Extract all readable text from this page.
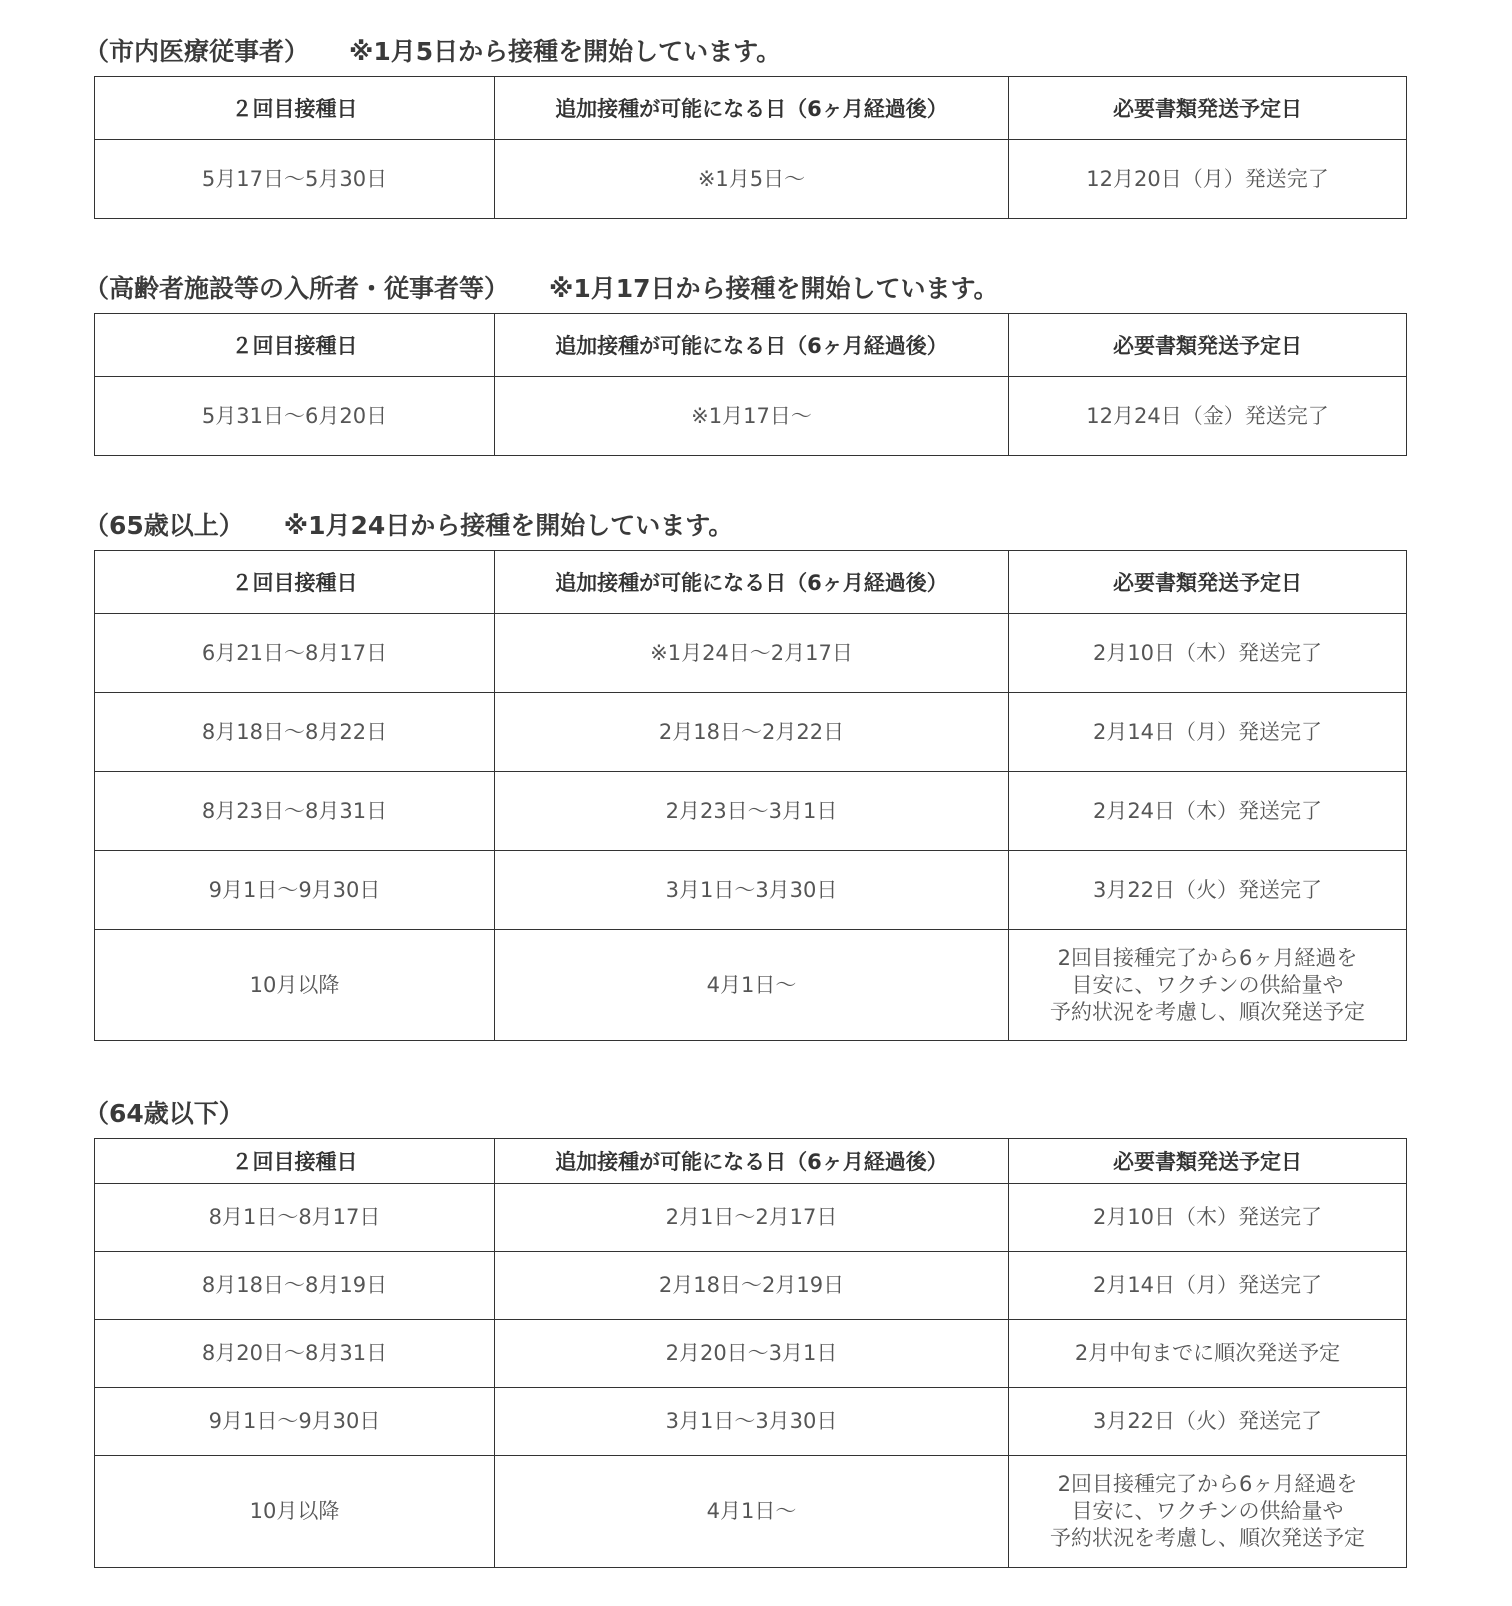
（市内医療従事者） ※1月5日から接種を開始しています。
２回目接種日	追加接種が可能になる日（6ヶ月経過後）	必要書類発送予定日
5月17日～5月30日	※1月5日～	12月20日（月）発送完了
（高齢者施設等の入所者・従事者等） ※1月17日から接種を開始しています。
２回目接種日	追加接種が可能になる日（6ヶ月経過後）	必要書類発送予定日
5月31日～6月20日	※1月17日～	12月24日（金）発送完了
（65歳以上） ※1月24日から接種を開始しています。
２回目接種日	追加接種が可能になる日（6ヶ月経過後）	必要書類発送予定日
6月21日～8月17日	※1月24日～2月17日	2月10日（木）発送完了
8月18日～8月22日	2月18日～2月22日	2月14日（月）発送完了
8月23日～8月31日	2月23日～3月1日	2月24日（木）発送完了
9月1日～9月30日	3月1日～3月30日	3月22日（火）発送完了
10月以降	4月1日～	2回目接種完了から6ヶ月経過を
目安に、ワクチンの供給量や
予約状況を考慮し、順次発送予定
（64歳以下）
２回目接種日	追加接種が可能になる日（6ヶ月経過後）	必要書類発送予定日
8月1日～8月17日	2月1日～2月17日	2月10日（木）発送完了
8月18日～8月19日	2月18日～2月19日	2月14日（月）発送完了
8月20日～8月31日	2月20日～3月1日	2月中旬までに順次発送予定
9月1日～9月30日	3月1日～3月30日	3月22日（火）発送完了
10月以降	4月1日～	2回目接種完了から6ヶ月経過を
目安に、ワクチンの供給量や
予約状況を考慮し、順次発送予定
